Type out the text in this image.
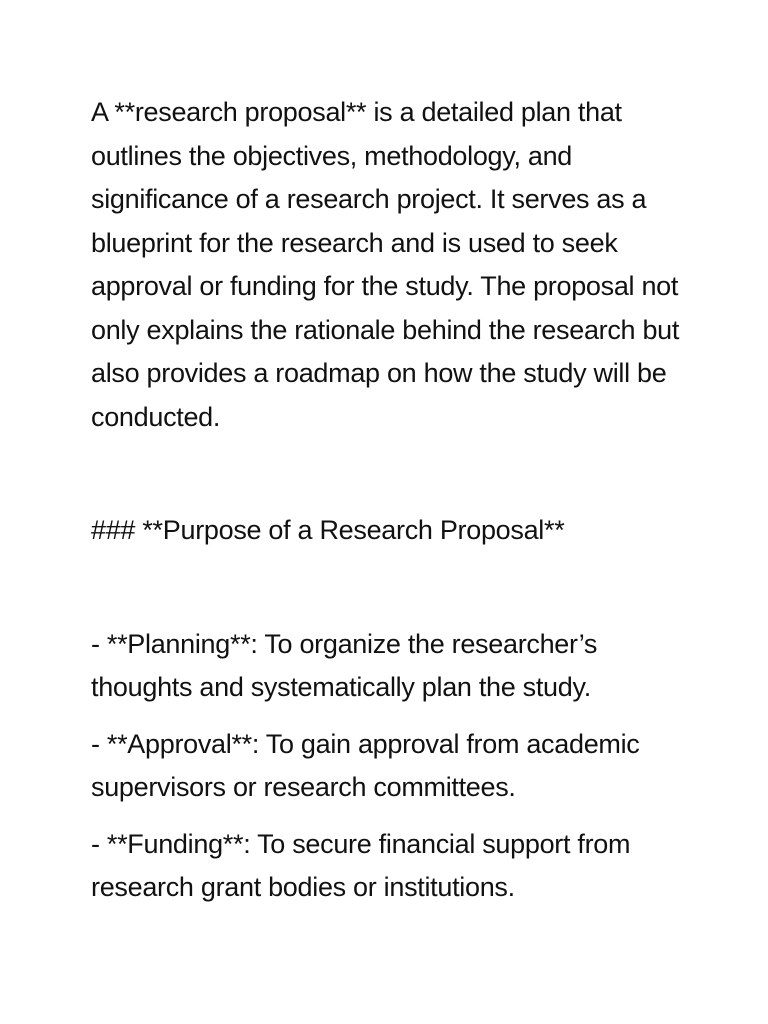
A **research proposal** is a detailed plan that outlines the objectives, methodology, and significance of a research project. It serves as a blueprint for the research and is used to seek approval or funding for the study. The proposal not only explains the rationale behind the research but also provides a roadmap on how the study will be conducted.

### **Purpose of a Research Proposal**
- **Planning**: To organize the researcher’s thoughts and systematically plan the study.
- **Approval**: To gain approval from academic supervisors or research committees.
- **Funding**: To secure financial support from research grant bodies or institutions.
